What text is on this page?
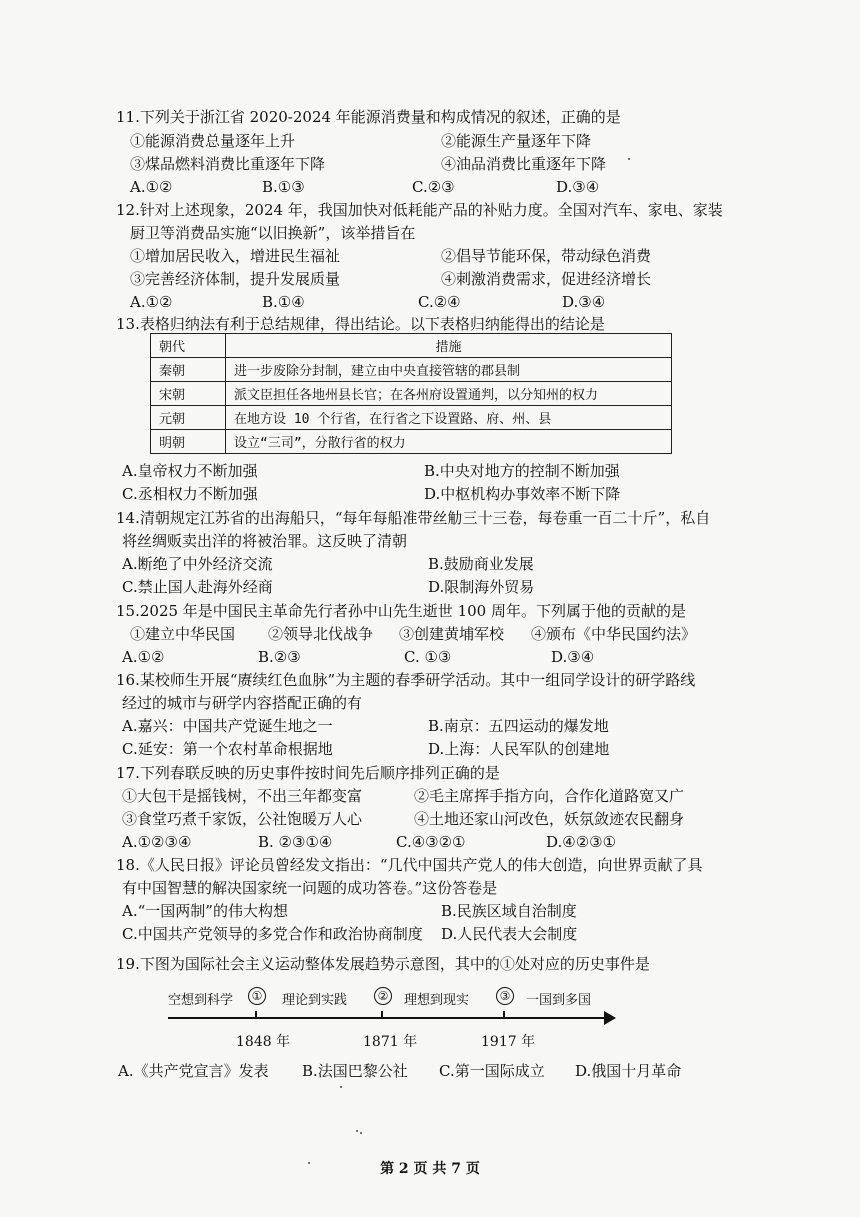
11.下列关于浙江省 2020-2024 年能源消费量和构成情况的叙述，正确的是
①能源消费总量逐年上升	②能源生产量逐年下降
③煤品燃料消费比重逐年下降	④油品消费比重逐年下降
A.①②	B.①③	C.②③	D.③④
12.针对上述现象，2024 年，我国加快对低耗能产品的补贴力度。全国对汽车、家电、家装
厨卫等消费品实施“以旧换新”，该举措旨在
①增加居民收入，增进民生福祉	②倡导节能环保，带动绿色消费
③完善经济体制，提升发展质量	④刺激消费需求，促进经济增长
A.①②	B.①④	C.②④	D.③④
13.表格归纳法有利于总结规律，得出结论。以下表格归纳能得出的结论是
朝代	措施
秦朝	进一步废除分封制，建立由中央直接管辖的郡县制
宋朝	派文臣担任各地州县长官；在各州府设置通判，以分知州的权力
元朝	在地方设 10 个行省，在行省之下设置路、府、州、县
明朝	设立“三司”，分散行省的权力
A.皇帝权力不断加强	B.中央对地方的控制不断加强
C.丞相权力不断加强	D.中枢机构办事效率不断下降
14.清朝规定江苏省的出海船只，“每年每船准带丝觔三十三卷，每卷重一百二十斤”，私自
将丝绸贩卖出洋的将被治罪。这反映了清朝
A.断绝了中外经济交流	B.鼓励商业发展
C.禁止国人赴海外经商	D.限制海外贸易
15.2025 年是中国民主革命先行者孙中山先生逝世 100 周年。下列属于他的贡献的是
①建立中华民国 ②领导北伐战争 ③创建黄埔军校 ④颁布《中华民国约法》
A.①②	B.②③	C. ①③	D.③④
16.某校师生开展“赓续红色血脉”为主题的春季研学活动。其中一组同学设计的研学路线
经过的城市与研学内容搭配正确的有
A.嘉兴：中国共产党诞生地之一	B.南京：五四运动的爆发地
C.延安：第一个农村革命根据地	D.上海：人民军队的创建地
17.下列春联反映的历史事件按时间先后顺序排列正确的是
①大包干是摇钱树，不出三年都变富	②毛主席挥手指方向，合作化道路宽又广
③食堂巧煮千家饭，公社饱暖万人心	④土地还家山河改色，妖氛敛迹农民翻身
A.①②③④	B. ②③①④	C.④③②①	D.④②③①
18.《人民日报》评论员曾经发文指出：“几代中国共产党人的伟大创造，向世界贡献了具
有中国智慧的解决国家统一问题的成功答卷。”这份答卷是
A.“一国两制”的伟大构想	B.民族区域自治制度
C.中国共产党领导的多党合作和政治协商制度 D.人民代表大会制度
19.下图为国际社会主义运动整体发展趋势示意图，其中的①处对应的历史事件是
空想到科学	① 理论到实践	② 理想到现实	③ 一国到多国
1848 年	1871 年	1917 年
A.《共产党宣言》发表 B.法国巴黎公社 C.第一国际成立 D.俄国十月革命
第 2 页 共 7 页
